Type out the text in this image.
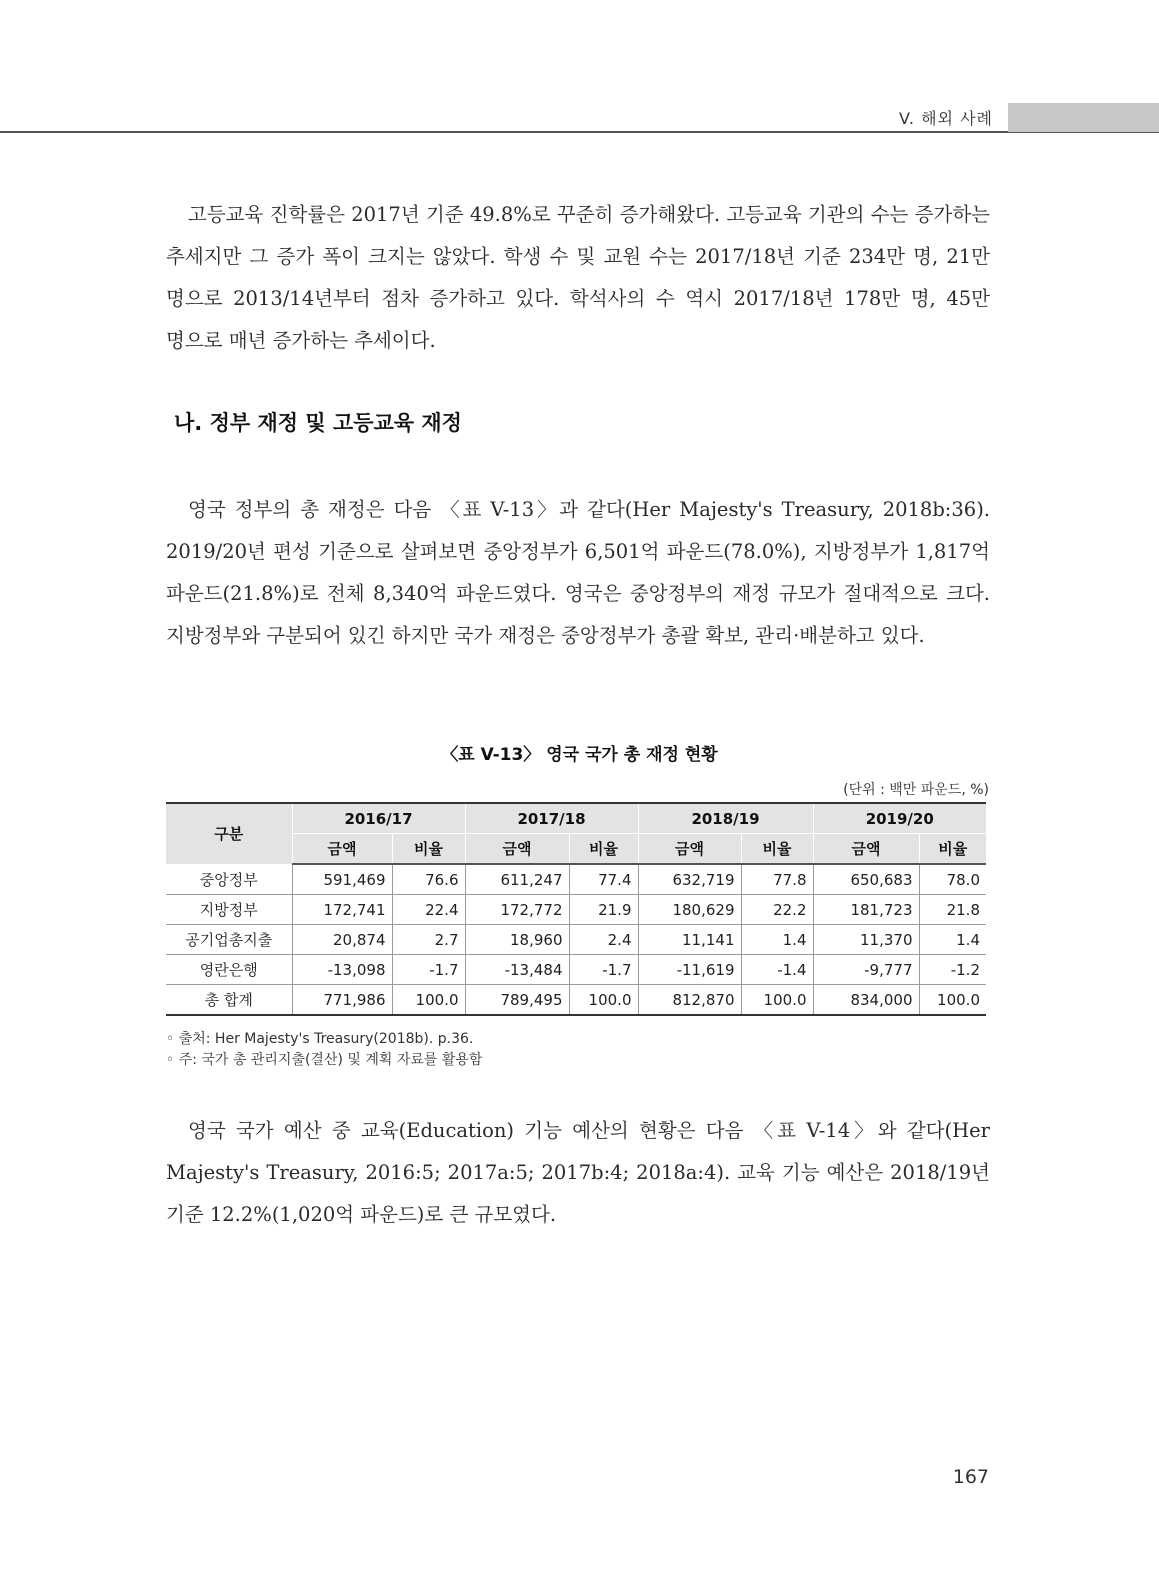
V. 해외 사례

고등교육 진학률은 2017년 기준 49.8%로 꾸준히 증가해왔다. 고등교육 기관의 수는 증가하는 추세지만 그 증가 폭이 크지는 않았다. 학생 수 및 교원 수는 2017/18년 기준 234만 명, 21만 명으로 2013/14년부터 점차 증가하고 있다. 학석사의 수 역시 2017/18년 178만 명, 45만 명으로 매년 증가하는 추세이다.

나. 정부 재정 및 고등교육 재정

영국 정부의 총 재정은 다음 〈표 V-13〉과 같다(Her Majesty's Treasury, 2018b:36). 2019/20년 편성 기준으로 살펴보면 중앙정부가 6,501억 파운드(78.0%), 지방정부가 1,817억 파운드(21.8%)로 전체 8,340억 파운드였다. 영국은 중앙정부의 재정 규모가 절대적으로 크다. 지방정부와 구분되어 있긴 하지만 국가 재정은 중앙정부가 총괄 확보, 관리·배분하고 있다.

〈표 V-13〉 영국 국가 총 재정 현황
(단위 : 백만 파운드, %)
구분	2016/17		2017/18		2018/19		2019/20	
	금액	비율	금액	비율	금액	비율	금액	비율
중앙정부	591,469	76.6	611,247	77.4	632,719	77.8	650,683	78.0
지방정부	172,741	22.4	172,772	21.9	180,629	22.2	181,723	21.8
공기업총지출	20,874	2.7	18,960	2.4	11,141	1.4	11,370	1.4
영란은행	-13,098	-1.7	-13,484	-1.7	-11,619	-1.4	-9,777	-1.2
총 합계	771,986	100.0	789,495	100.0	812,870	100.0	834,000	100.0
◦ 출처: Her Majesty's Treasury(2018b). p.36.
◦ 주: 국가 총 관리지출(결산) 및 계획 자료를 활용함

영국 국가 예산 중 교육(Education) 기능 예산의 현황은 다음 〈표 V-14〉와 같다(Her Majesty's Treasury, 2016:5; 2017a:5; 2017b:4; 2018a:4). 교육 기능 예산은 2018/19년 기준 12.2%(1,020억 파운드)로 큰 규모였다.

167
